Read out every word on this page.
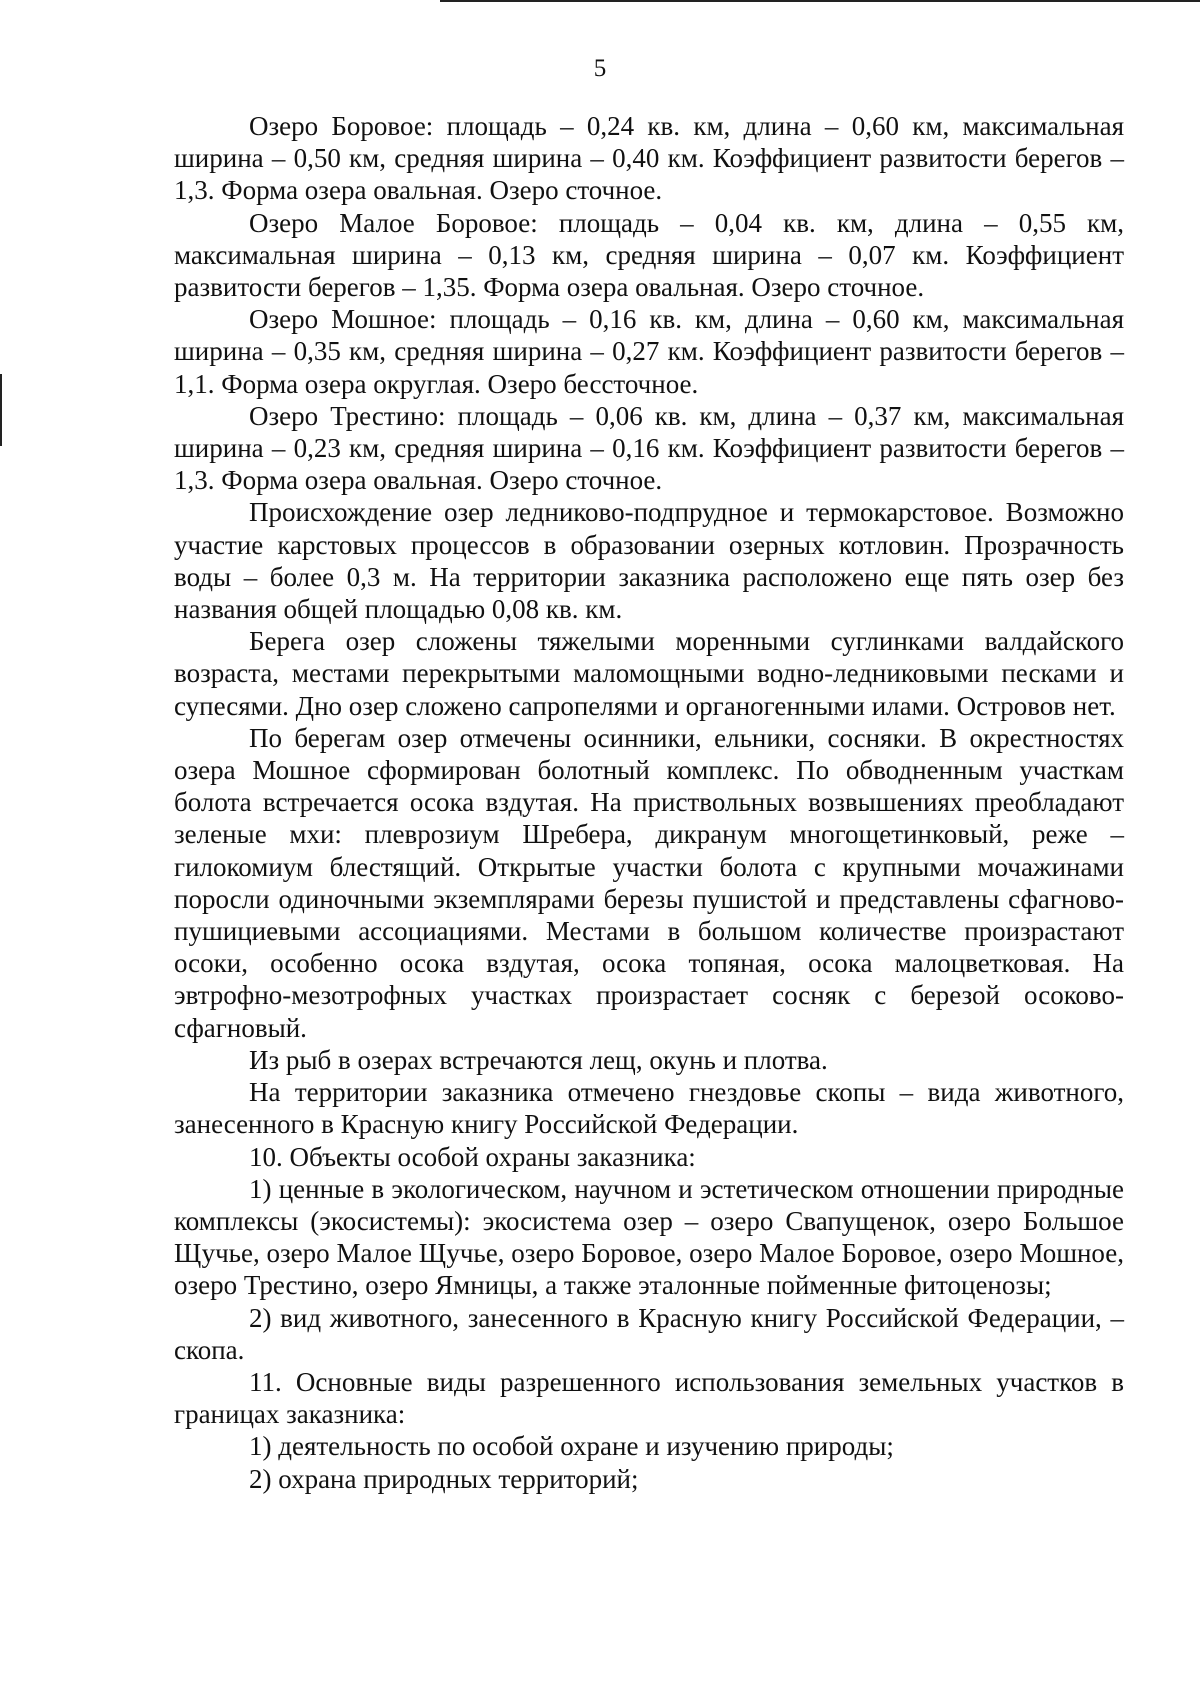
5

Озеро Боровое: площадь – 0,24 кв. км, длина – 0,60 км, максимальная ширина – 0,50 км, средняя ширина – 0,40 км. Коэффициент развитости берегов – 1,3. Форма озера овальная. Озеро сточное.

Озеро Малое Боровое: площадь – 0,04 кв. км, длина – 0,55 км, максимальная ширина – 0,13 км, средняя ширина – 0,07 км. Коэффициент развитости берегов – 1,35. Форма озера овальная. Озеро сточное.

Озеро Мошное: площадь – 0,16 кв. км, длина – 0,60 км, максимальная ширина – 0,35 км, средняя ширина – 0,27 км. Коэффициент развитости берегов – 1,1. Форма озера округлая. Озеро бессточное.

Озеро Трестино: площадь – 0,06 кв. км, длина – 0,37 км, максимальная ширина – 0,23 км, средняя ширина – 0,16 км. Коэффициент развитости берегов – 1,3. Форма озера овальная. Озеро сточное.

Происхождение озер ледниково-подпрудное и термокарстовое. Возможно участие карстовых процессов в образовании озерных котловин. Прозрачность воды – более 0,3 м. На территории заказника расположено еще пять озер без названия общей площадью 0,08 кв. км.

Берега озер сложены тяжелыми моренными суглинками валдайского возраста, местами перекрытыми маломощными водно-ледниковыми песками и супесями. Дно озер сложено сапропелями и органогенными илами. Островов нет.

По берегам озер отмечены осинники, ельники, сосняки. В окрестностях озера Мошное сформирован болотный комплекс. По обводненным участкам болота встречается осока вздутая. На приствольных возвышениях преобладают зеленые мхи: плеврозиум Шребера, дикранум многощетинковый, реже – гилокомиум блестящий. Открытые участки болота с крупными мочажинами поросли одиночными экземплярами березы пушистой и представлены сфагново-пушициевыми ассоциациями. Местами в большом количестве произрастают осоки, особенно осока вздутая, осока топяная, осока малоцветковая. На эвтрофно-мезотрофных участках произрастает сосняк с березой осоково-сфагновый.

Из рыб в озерах встречаются лещ, окунь и плотва.

На территории заказника отмечено гнездовье скопы – вида животного, занесенного в Красную книгу Российской Федерации.

10. Объекты особой охраны заказника:

1) ценные в экологическом, научном и эстетическом отношении природные комплексы (экосистемы): экосистема озер – озеро Свапущенок, озеро Большое Щучье, озеро Малое Щучье, озеро Боровое, озеро Малое Боровое, озеро Мошное, озеро Трестино, озеро Ямницы, а также эталонные пойменные фитоценозы;

2) вид животного, занесенного в Красную книгу Российской Федерации, – скопа.

11. Основные виды разрешенного использования земельных участков в границах заказника:

1) деятельность по особой охране и изучению природы;

2) охрана природных территорий;
